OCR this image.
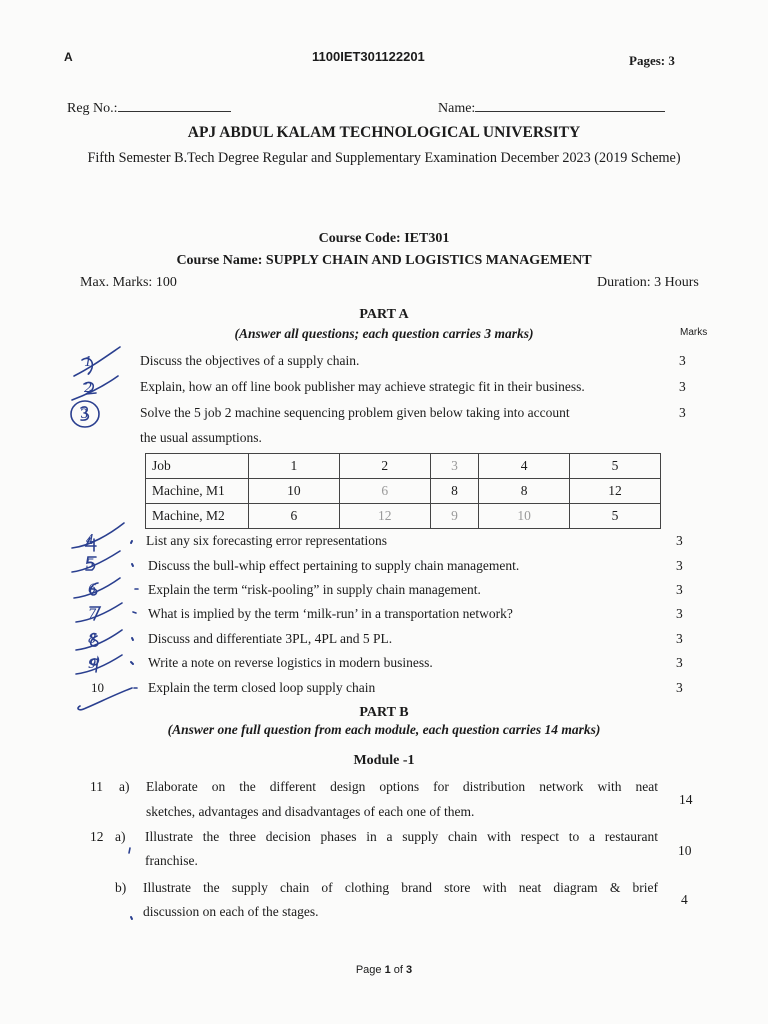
A	1100IET301122201	Pages: 3
Reg No.:	Name:
APJ ABDUL KALAM TECHNOLOGICAL UNIVERSITY
Fifth Semester B.Tech Degree Regular and Supplementary Examination December 2023 (2019 Scheme)
Course Code: IET301
Course Name: SUPPLY CHAIN AND LOGISTICS MANAGEMENT
Max. Marks: 100	Duration: 3 Hours
PART A
(Answer all questions; each question carries 3 marks)	Marks
Discuss the objectives of a supply chain.	3
Explain, how an off line book publisher may achieve strategic fit in their business.	3
Solve the 5 job 2 machine sequencing problem given below taking into account
the usual assumptions.
3
Job	1	2	3	4	5
Machine, M1	10	6	8	8	12
Machine, M2	6	12	9	10	5
List any six forecasting error representations	3
Discuss the bull-whip effect pertaining to supply chain management.	3
Explain the term “risk-pooling” in supply chain management.	3
What is implied by the term ‘milk-run’ in a transportation network?	3
Discuss and differentiate 3PL, 4PL and 5 PL.	3
Write a note on reverse logistics in modern business.	3
10	Explain the term closed loop supply chain	3
PART B
(Answer one full question from each module, each question carries 14 marks)
Module -1
11 a) Elaborate on the different design options for distribution network with neat
sketches, advantages and disadvantages of each one of them.
14
12 a) Illustrate the three decision phases in a supply chain with respect to a restaurant
franchise.
10
b) Illustrate the supply chain of clothing brand store with neat diagram & brief
discussion on each of the stages.
4
Page 1 of 3
1
2
3
4
5
6
7
8
9
